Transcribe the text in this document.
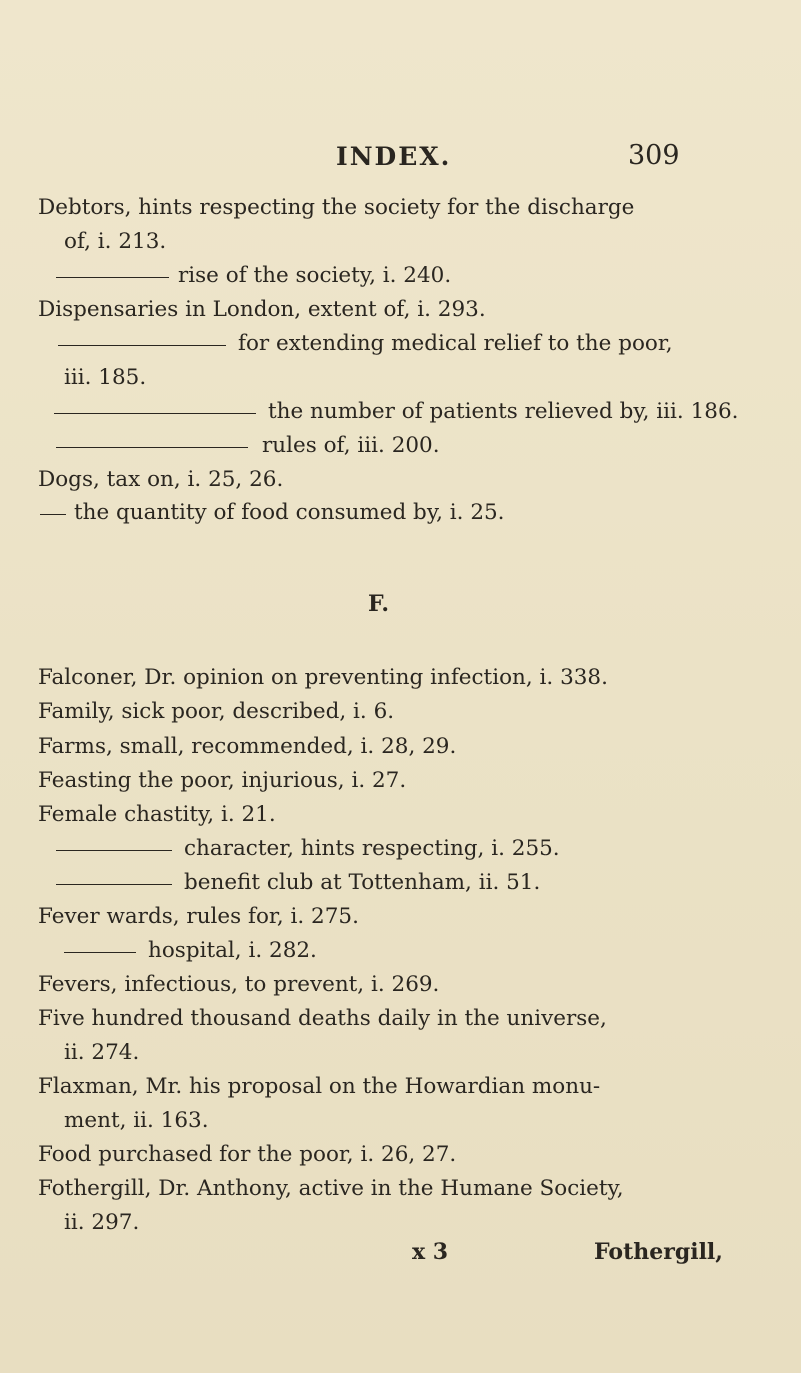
INDEX.	309
Debtors, hints respecting the society for the discharge
of, i. 213.
rise of the society, i. 240.
Dispensaries in London, extent of, i. 293.
for extending medical relief to the poor,
iii. 185.
the number of patients relieved by, iii. 186.
rules of, iii. 200.
Dogs, tax on, i. 25, 26.
the quantity of food consumed by, i. 25.
F.
Falconer, Dr. opinion on preventing infection, i. 338.
Family, sick poor, described, i. 6.
Farms, small, recommended, i. 28, 29.
Feasting the poor, injurious, i. 27.
Female chastity, i. 21.
character, hints respecting, i. 255.
benefit club at Tottenham, ii. 51.
Fever wards, rules for, i. 275.
hospital, i. 282.
Fevers, infectious, to prevent, i. 269.
Five hundred thousand deaths daily in the universe,
ii. 274.
Flaxman, Mr. his proposal on the Howardian monu-
ment, ii. 163.
Food purchased for the poor, i. 26, 27.
Fothergill, Dr. Anthony, active in the Humane Society,
ii. 297.
x 3	Fothergill,
